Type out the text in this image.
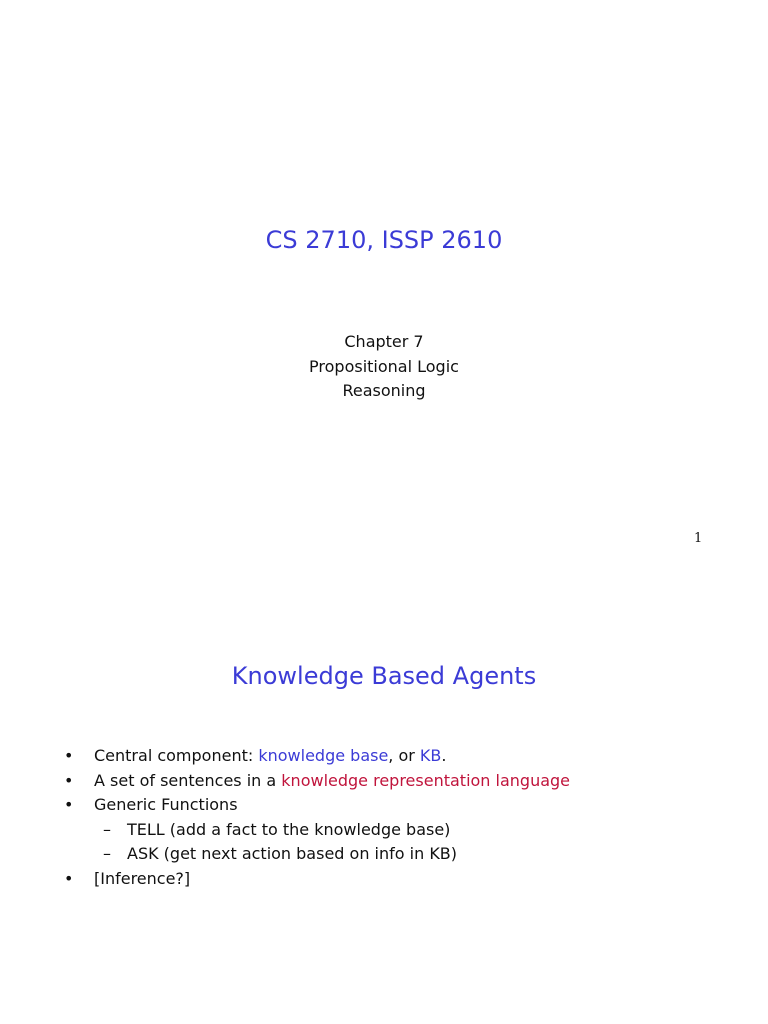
CS 2710, ISSP 2610
Chapter 7
Propositional Logic
Reasoning
1
Knowledge Based Agents
• Central component: knowledge base, or KB.
• A set of sentences in a knowledge representation language
• Generic Functions
– TELL (add a fact to the knowledge base)
– ASK (get next action based on info in KB)
• [Inference?]
